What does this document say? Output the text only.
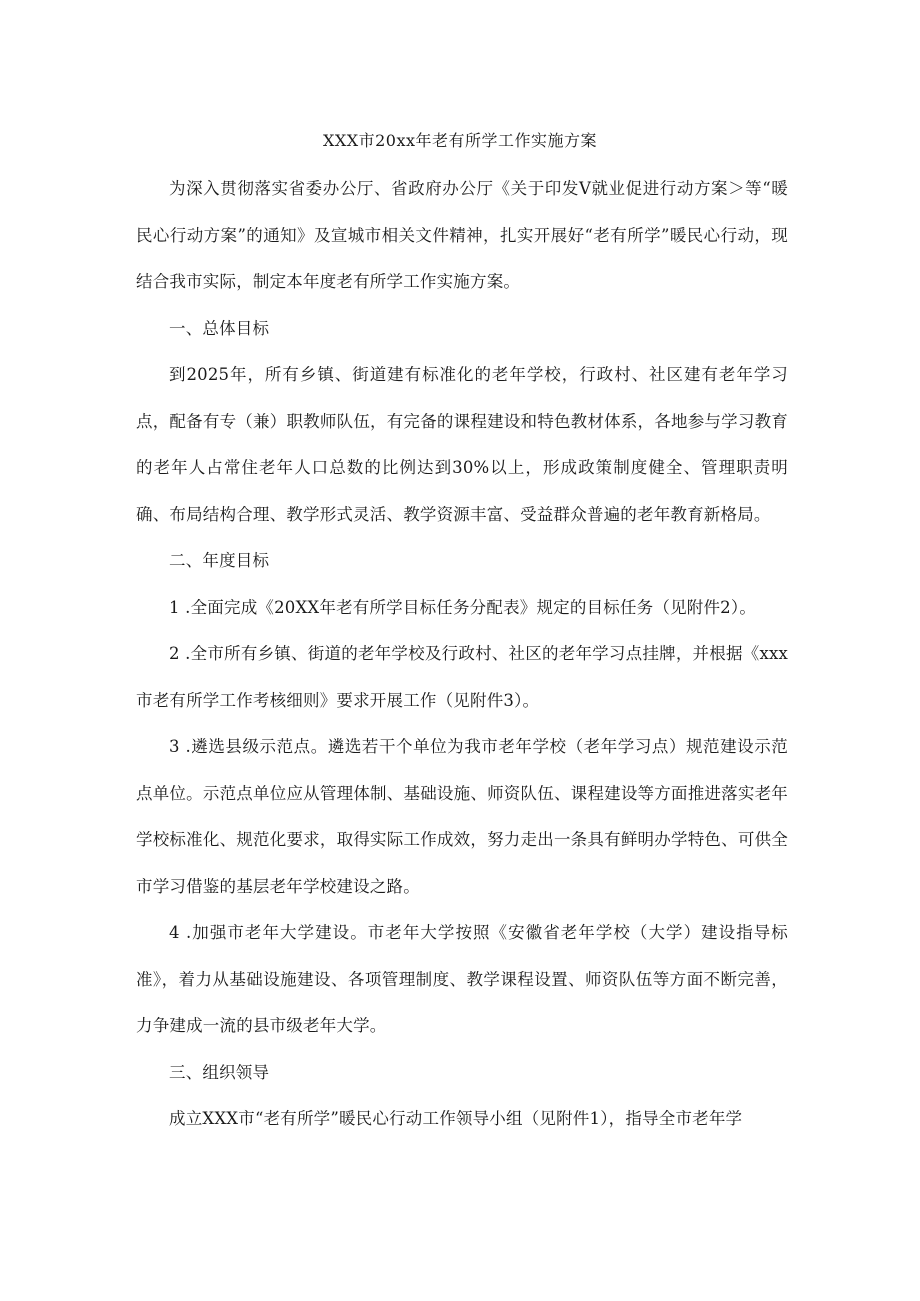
XXX市20xx年老有所学工作实施方案

为深入贯彻落实省委办公厅、省政府办公厅《关于印发V就业促进行动方案＞等“暖民心行动方案”的通知》及宣城市相关文件精神，扎实开展好“老有所学”暖民心行动，现结合我市实际，制定本年度老有所学工作实施方案。

一、总体目标

到2025年，所有乡镇、街道建有标准化的老年学校，行政村、社区建有老年学习点，配备有专（兼）职教师队伍，有完备的课程建设和特色教材体系，各地参与学习教育的老年人占常住老年人口总数的比例达到30%以上，形成政策制度健全、管理职责明确、布局结构合理、教学形式灵活、教学资源丰富、受益群众普遍的老年教育新格局。

二、年度目标

1 .全面完成《20XX年老有所学目标任务分配表》规定的目标任务（见附件2）。

2 .全市所有乡镇、街道的老年学校及行政村、社区的老年学习点挂牌，并根据《xxx市老有所学工作考核细则》要求开展工作（见附件3）。

3 .遴选县级示范点。遴选若干个单位为我市老年学校（老年学习点）规范建设示范点单位。示范点单位应从管理体制、基础设施、师资队伍、课程建设等方面推进落实老年学校标准化、规范化要求，取得实际工作成效，努力走出一条具有鲜明办学特色、可供全市学习借鉴的基层老年学校建设之路。

4 .加强市老年大学建设。市老年大学按照《安徽省老年学校（大学）建设指导标准》，着力从基础设施建设、各项管理制度、教学课程设置、师资队伍等方面不断完善，力争建成一流的县市级老年大学。

三、组织领导

成立XXX市“老有所学”暖民心行动工作领导小组（见附件1），指导全市老年学
